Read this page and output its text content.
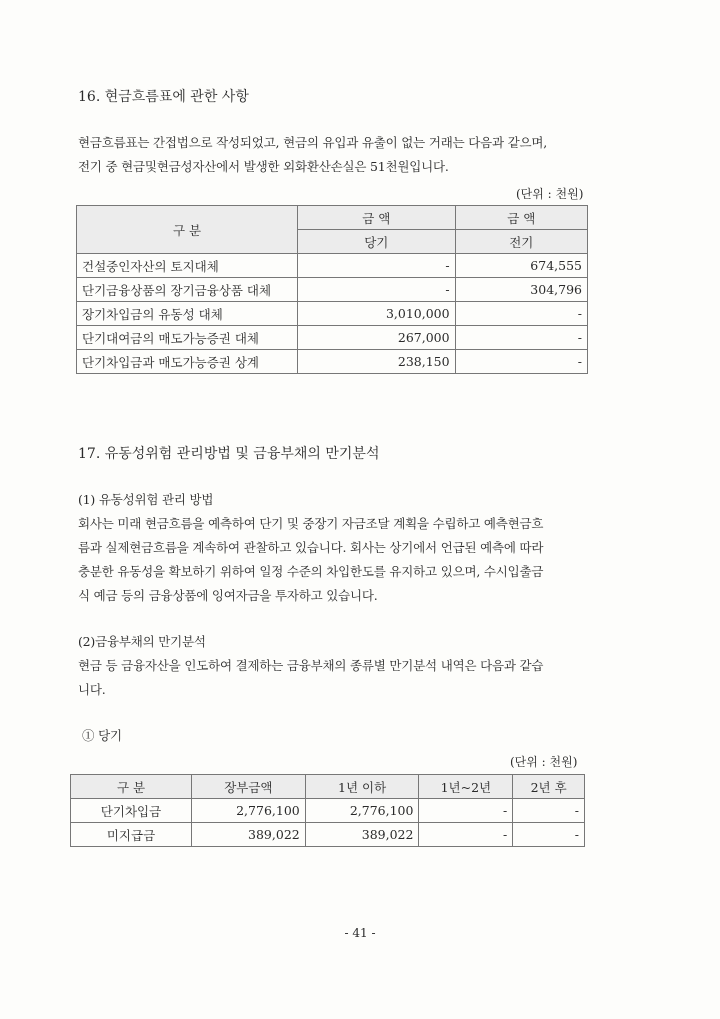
16. 현금흐름표에 관한 사항
현금흐름표는 간접법으로 작성되었고, 현금의 유입과 유출이 없는 거래는 다음과 같으며,
전기 중 현금및현금성자산에서 발생한 외화환산손실은 51천원입니다.
(단위 : 천원)
구 분	금 액	금 액
	당기	전기
건설중인자산의 토지대체	-	674,555
단기금융상품의 장기금융상품 대체	-	304,796
장기차입금의 유동성 대체	3,010,000	-
단기대여금의 매도가능증권 대체	267,000	-
단기차입금과 매도가능증권 상계	238,150	-
17. 유동성위험 관리방법 및 금융부채의 만기분석
(1) 유동성위험 관리 방법
회사는 미래 현금흐름을 예측하여 단기 및 중장기 자금조달 계획을 수립하고 예측현금흐
름과 실제현금흐름을 계속하여 관찰하고 있습니다. 회사는 상기에서 언급된 예측에 따라
충분한 유동성을 확보하기 위하여 일정 수준의 차입한도를 유지하고 있으며, 수시입출금
식 예금 등의 금융상품에 잉여자금을 투자하고 있습니다.
(2)금융부채의 만기분석
현금 등 금융자산을 인도하여 결제하는 금융부채의 종류별 만기분석 내역은 다음과 같습
니다.
① 당기
(단위 : 천원)
구 분	장부금액	1년 이하	1년~2년	2년 후
단기차입금	2,776,100	2,776,100	-	-
미지급금	389,022	389,022	-	-
- 41 -
